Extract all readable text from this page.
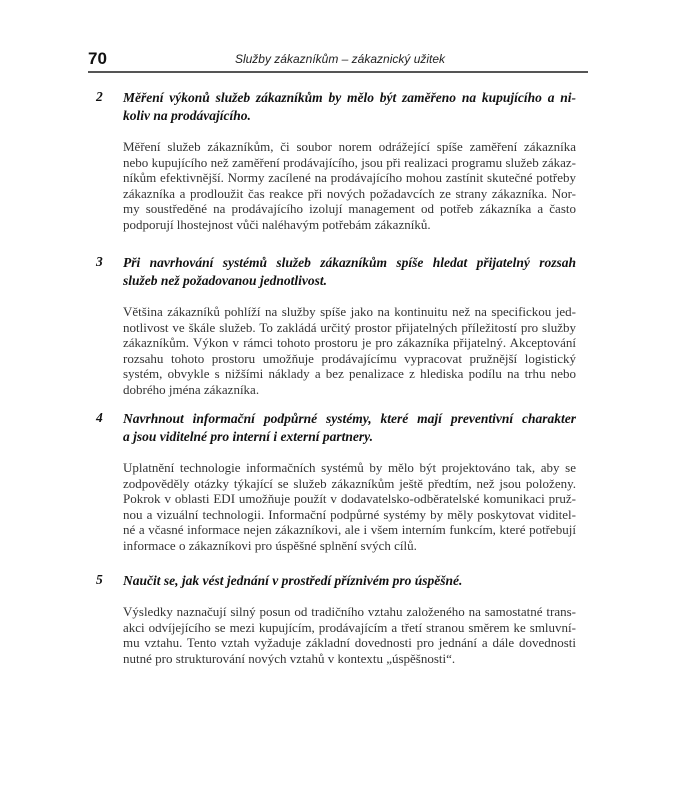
70	Služby zákazníkům – zákaznický užitek
2 Měření výkonů služeb zákazníkům by mělo být zaměřeno na kupujícího a ni-
koliv na prodávajícího.
Měření služeb zákazníkům, či soubor norem odrážející spíše zaměření zákazníka
nebo kupujícího než zaměření prodávajícího, jsou při realizaci programu služeb zákaz-
níkům efektivnější. Normy zacílené na prodávajícího mohou zastínit skutečné potřeby
zákazníka a prodloužit čas reakce při nových požadavcích ze strany zákazníka. Nor-
my soustředěné na prodávajícího izolují management od potřeb zákazníka a často
podporují lhostejnost vůči naléhavým potřebám zákazníků.
3 Při navrhování systémů služeb zákazníkům spíše hledat přijatelný rozsah
služeb než požadovanou jednotlivost.
Většina zákazníků pohlíží na služby spíše jako na kontinuitu než na specifickou jed-
notlivost ve škále služeb. To zakládá určitý prostor přijatelných příležitostí pro služby
zákazníkům. Výkon v rámci tohoto prostoru je pro zákazníka přijatelný. Akceptování
rozsahu tohoto prostoru umožňuje prodávajícímu vypracovat pružnější logistický
systém, obvykle s nižšími náklady a bez penalizace z hlediska podílu na trhu nebo
dobrého jména zákazníka.
4 Navrhnout informační podpůrné systémy, které mají preventivní charakter
a jsou viditelné pro interní i externí partnery.
Uplatnění technologie informačních systémů by mělo být projektováno tak, aby se
zodpověděly otázky týkající se služeb zákazníkům ještě předtím, než jsou položeny.
Pokrok v oblasti EDI umožňuje použít v dodavatelsko-odběratelské komunikaci pruž-
nou a vizuální technologii. Informační podpůrné systémy by měly poskytovat viditel-
né a včasné informace nejen zákazníkovi, ale i všem interním funkcím, které potřebují
informace o zákazníkovi pro úspěšné splnění svých cílů.
5 Naučit se, jak vést jednání v prostředí příznivém pro úspěšné.
Výsledky naznačují silný posun od tradičního vztahu založeného na samostatné trans-
akci odvíjejícího se mezi kupujícím, prodávajícím a třetí stranou směrem ke smluvní-
mu vztahu. Tento vztah vyžaduje základní dovednosti pro jednání a dále dovednosti
nutné pro strukturování nových vztahů v kontextu „úspěšnosti“.
